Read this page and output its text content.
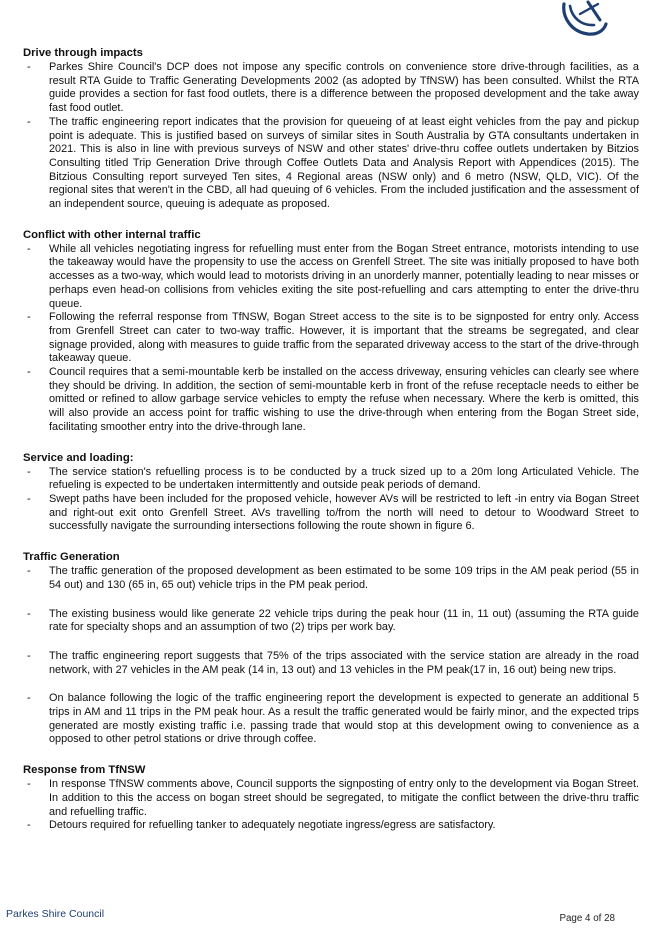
Drive through impacts
- Parkes Shire Council's DCP does not impose any specific controls on convenience store drive-through facilities, as a result RTA Guide to Traffic Generating Developments 2002 (as adopted by TfNSW) has been consulted. Whilst the RTA guide provides a section for fast food outlets, there is a difference between the proposed development and the take away fast food outlet.
- The traffic engineering report indicates that the provision for queueing of at least eight vehicles from the pay and pickup point is adequate. This is justified based on surveys of similar sites in South Australia by GTA consultants undertaken in 2021. This is also in line with previous surveys of NSW and other states' drive-thru coffee outlets undertaken by Bitzios Consulting titled Trip Generation Drive through Coffee Outlets Data and Analysis Report with Appendices (2015). The Bitzious Consulting report surveyed Ten sites, 4 Regional areas (NSW only) and 6 metro (NSW, QLD, VIC). Of the regional sites that weren't in the CBD, all had queuing of 6 vehicles. From the included justification and the assessment of an independent source, queuing is adequate as proposed.
Conflict with other internal traffic
- While all vehicles negotiating ingress for refuelling must enter from the Bogan Street entrance, motorists intending to use the takeaway would have the propensity to use the access on Grenfell Street. The site was initially proposed to have both accesses as a two-way, which would lead to motorists driving in an unorderly manner, potentially leading to near misses or perhaps even head-on collisions from vehicles exiting the site post-refuelling and cars attempting to enter the drive-thru queue.
- Following the referral response from TfNSW, Bogan Street access to the site is to be signposted for entry only. Access from Grenfell Street can cater to two-way traffic. However, it is important that the streams be segregated, and clear signage provided, along with measures to guide traffic from the separated driveway access to the start of the drive-through takeaway queue.
- Council requires that a semi-mountable kerb be installed on the access driveway, ensuring vehicles can clearly see where they should be driving. In addition, the section of semi-mountable kerb in front of the refuse receptacle needs to either be omitted or refined to allow garbage service vehicles to empty the refuse when necessary. Where the kerb is omitted, this will also provide an access point for traffic wishing to use the drive-through when entering from the Bogan Street side, facilitating smoother entry into the drive-through lane.
Service and loading:
- The service station's refuelling process is to be conducted by a truck sized up to a 20m long Articulated Vehicle. The refueling is expected to be undertaken intermittently and outside peak periods of demand.
- Swept paths have been included for the proposed vehicle, however AVs will be restricted to left -in entry via Bogan Street and right-out exit onto Grenfell Street. AVs travelling to/from the north will need to detour to Woodward Street to successfully navigate the surrounding intersections following the route shown in figure 6.
Traffic Generation
- The traffic generation of the proposed development as been estimated to be some 109 trips in the AM peak period (55 in 54 out) and 130 (65 in, 65 out) vehicle trips in the PM peak period.
- The existing business would like generate 22 vehicle trips during the peak hour (11 in, 11 out) (assuming the RTA guide rate for specialty shops and an assumption of two (2) trips per work bay.
- The traffic engineering report suggests that 75% of the trips associated with the service station are already in the road network, with 27 vehicles in the AM peak (14 in, 13 out) and 13 vehicles in the PM peak(17 in, 16 out) being new trips.
- On balance following the logic of the traffic engineering report the development is expected to generate an additional 5 trips in AM and 11 trips in the PM peak hour. As a result the traffic generated would be fairly minor, and the expected trips generated are mostly existing traffic i.e. passing trade that would stop at this development owing to convenience as a opposed to other petrol stations or drive through coffee.
Response from TfNSW
- In response TfNSW comments above, Council supports the signposting of entry only to the development via Bogan Street. In addition to this the access on bogan street should be segregated, to mitigate the conflict between the drive-thru traffic and refuelling traffic.
- Detours required for refuelling tanker to adequately negotiate ingress/egress are satisfactory.
Parkes Shire Council	Page 4 of 28
